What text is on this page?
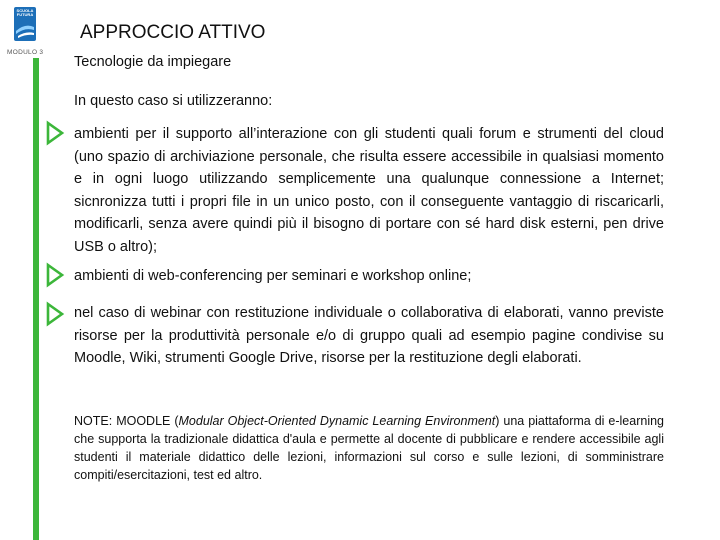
SCUOLA FUTURA
MODULO 3
APPROCCIO ATTIVO
Tecnologie da impiegare
In questo caso si utilizzeranno:
ambienti per il supporto all’interazione con gli studenti quali forum e strumenti del cloud (uno spazio di archiviazione personale, che risulta essere accessibile in qualsiasi momento e in ogni luogo utilizzando semplicemente una qualunque connessione a Internet; sicnronizza tutti i propri file in un unico posto, con il conseguente vantaggio di riscaricarli, modificarli, senza avere quindi più il bisogno di portare con sé hard disk esterni, pen drive USB o altro);
ambienti di web-conferencing per seminari e workshop online;
nel caso di webinar con restituzione individuale o collaborativa di elaborati, vanno previste risorse per la produttività personale e/o di gruppo quali ad esempio pagine condivise su Moodle, Wiki, strumenti Google Drive, risorse per la restituzione degli elaborati.
NOTE: MOODLE (Modular Object-Oriented Dynamic Learning Environment) una piattaforma di e-learning che supporta la tradizionale didattica d'aula e permette al docente di pubblicare e rendere accessibile agli studenti il materiale didattico delle lezioni, informazioni sul corso e sulle lezioni, di somministrare compiti/esercitazioni, test ed altro.
